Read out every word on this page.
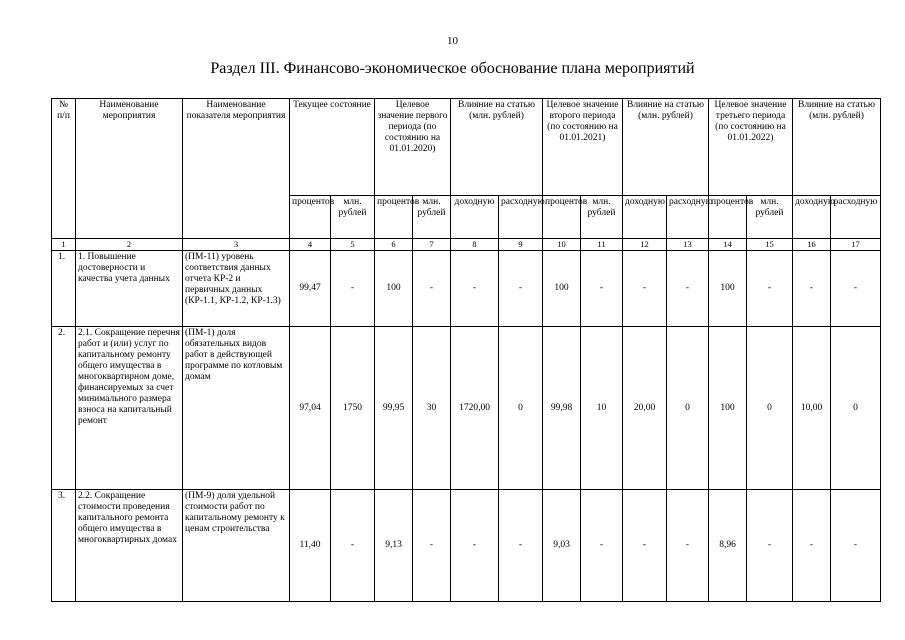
10
Раздел III. Финансово-экономическое обоснование плана мероприятий
№ п/п	Наименование мероприятия	Наименование показателя мероприятия	Текущее состояние		Целевое значение первого периода (по состоянию на 01.01.2020)		Влияние на статью (млн. рублей)		Целевое значение второго периода (по состоянию на 01.01.2021)		Влияние на статью (млн. рублей)		Целевое значение третьего периода (по состоянию на 01.01.2022)		Влияние на статью (млн. рублей)	
			процентов	млн. рублей	процентов	млн. рублей	доходную	расходную	процентов	млн. рублей	доходную	расходную	процентов	млн. рублей	доходную	расходную
1	2	3	4	5	6	7	8	9	10	11	12	13	14	15	16	17
1.	1. Повышение достоверности и качества учета данных	(ПМ-11) уровень соответствия данных отчета КР-2 и первичных данных (КР-1.1, КР-1.2, КР-1.3)	99,47	-	100	-	-	-	100	-	-	-	100	-	-	-
2.	2.1. Сокращение перечня работ и (или) услуг по капитальному ремонту общего имущества в многоквартирном доме, финансируемых за счет минимального размера взноса на капитальный ремонт	(ПМ-1) доля обязательных видов работ в действующей программе по котловым домам	97,04	1750	99,95	30	1720,00	0	99,98	10	20,00	0	100	0	10,00	0
3.	2.2. Сокращение стоимости проведения капитального ремонта общего имущества в многоквартирных домах	(ПМ-9) доля удельной стоимости работ по капитальному ремонту к ценам строительства	11,40	-	9,13	-	-	-	9,03	-	-	-	8,96	-	-	-
